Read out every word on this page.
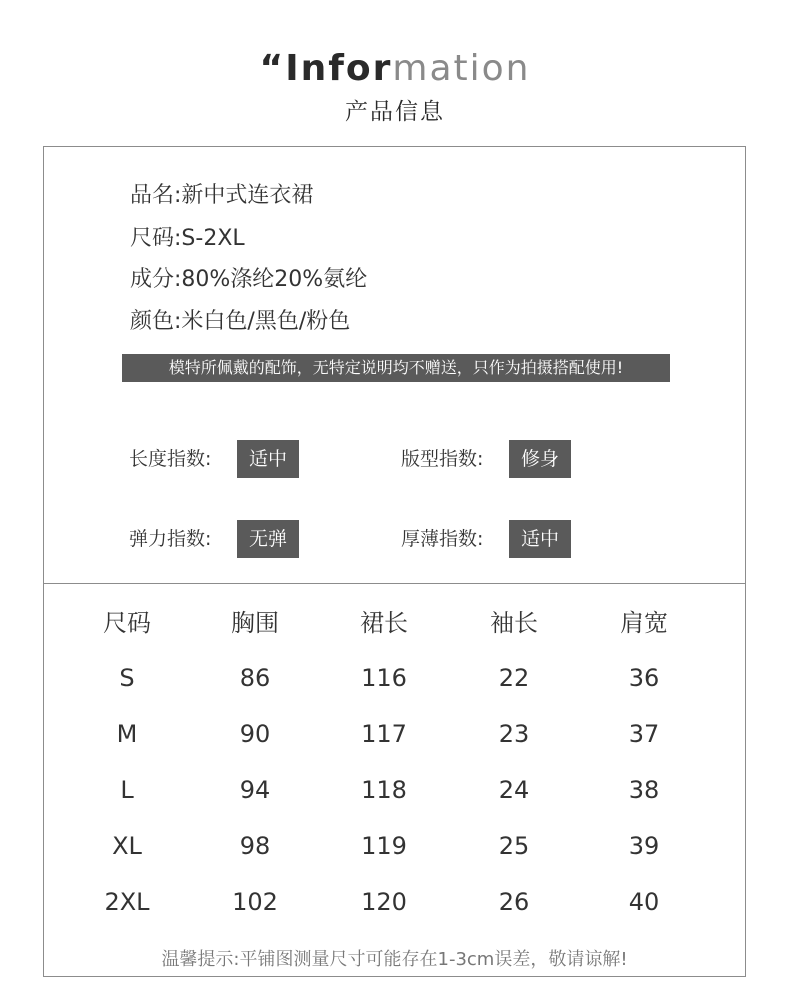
“Information
产品信息
品名:新中式连衣裙
尺码:S-2XL
成分:80%涤纶20%氨纶
颜色:米白色/黑色/粉色
模特所佩戴的配饰，无特定说明均不赠送，只作为拍摄搭配使用!
长度指数:	适中	版型指数:	修身
弹力指数:	无弹	厚薄指数:	适中
尺码	胸围	裙长	袖长	肩宽
S	86	116	22	36
M	90	117	23	37
L	94	118	24	38
XL	98	119	25	39
2XL	102	120	26	40
温馨提示:平铺图测量尺寸可能存在1-3cm误差，敬请谅解!
